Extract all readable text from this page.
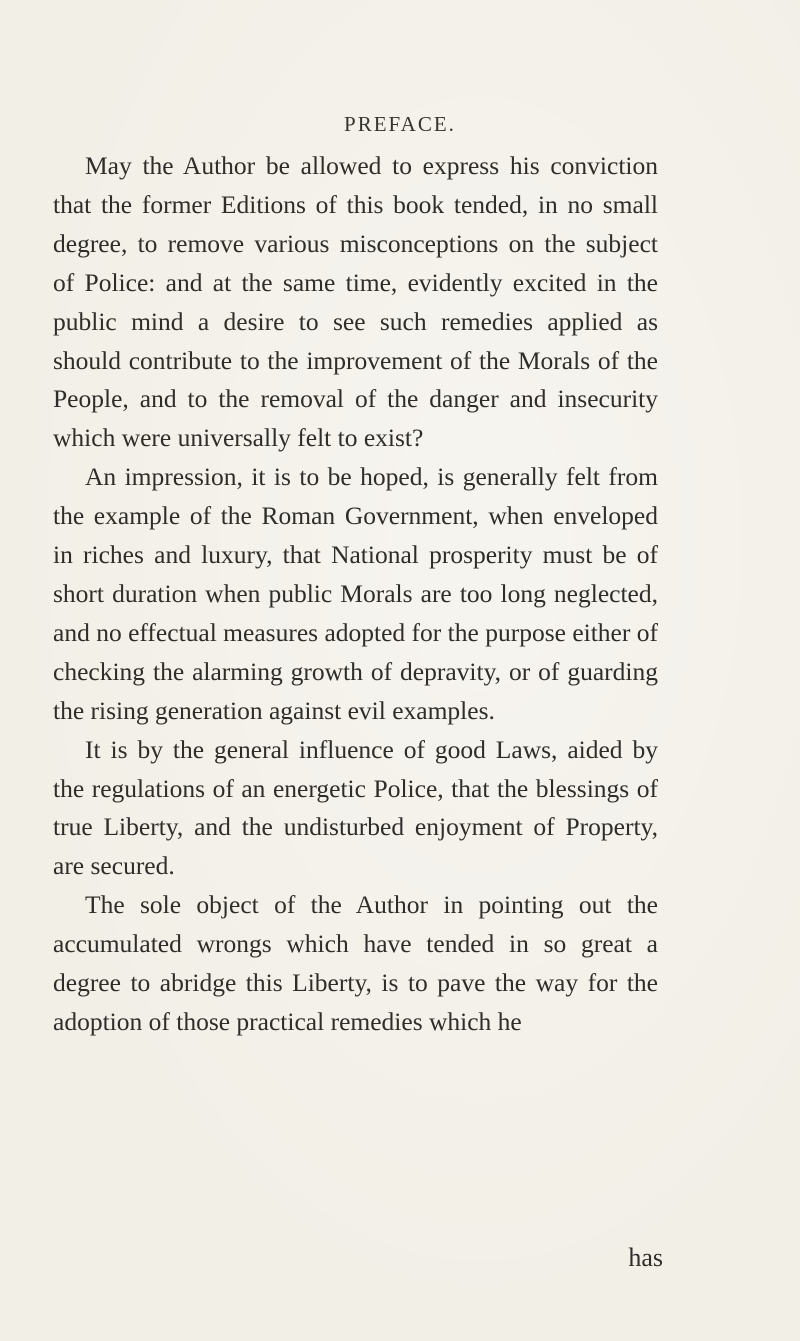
PREFACE.

May the Author be allowed to express his conviction that the former Editions of this book tended, in no small degree, to remove various misconceptions on the subject of Police: and at the same time, evidently excited in the public mind a desire to see such remedies applied as should contribute to the improvement of the Morals of the People, and to the removal of the danger and insecurity which were universally felt to exist?

An impression, it is to be hoped, is generally felt from the example of the Roman Government, when enveloped in riches and luxury, that National prosperity must be of short duration when public Morals are too long neglected, and no effectual measures adopted for the purpose either of checking the alarming growth of depravity, or of guarding the rising generation against evil examples.

It is by the general influence of good Laws, aided by the regulations of an energetic Police, that the blessings of true Liberty, and the undisturbed enjoyment of Property, are secured.

The sole object of the Author in pointing out the accumulated wrongs which have tended in so great a degree to abridge this Liberty, is to pave the way for the adoption of those practical remedies which he

has
